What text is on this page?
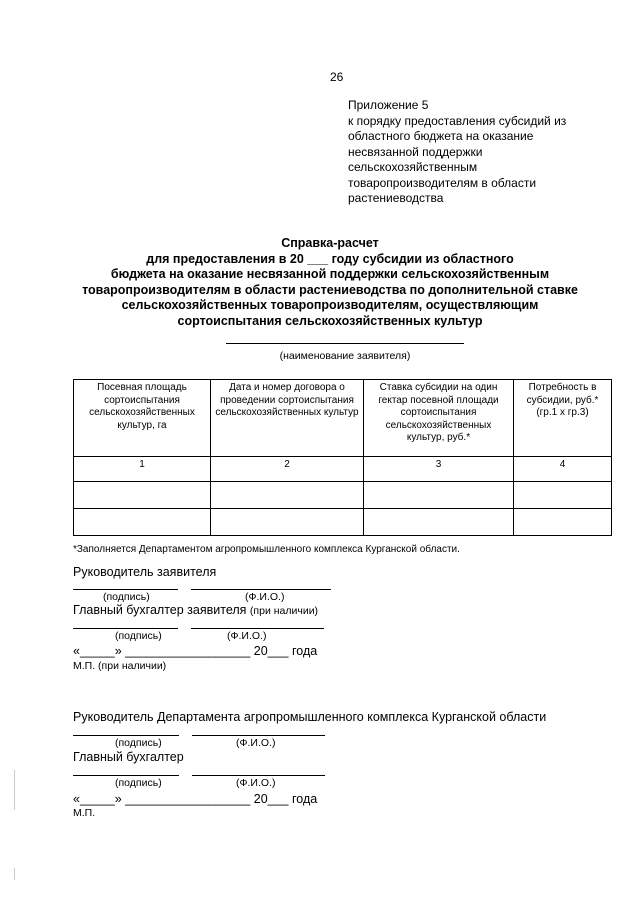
26
Приложение 5
к порядку предоставления субсидий из
областного бюджета на оказание
несвязанной поддержки
сельскохозяйственным
товаропроизводителям в области
растениеводства
Справка-расчет
для предоставления в 20 ___ году субсидии из областного
бюджета на оказание несвязанной поддержки сельскохозяйственным
товаропроизводителям в области растениеводства по дополнительной ставке
сельскохозяйственных товаропроизводителям, осуществляющим
сортоиспытания сельскохозяйственных культур
(наименование заявителя)
Посевная площадь сортоиспытания сельскохозяйственных культур, га	Дата и номер договора о проведении сортоиспытания сельскохозяйственных культур	Ставка субсидии на один гектар посевной площади сортоиспытания сельскохозяйственных культур, руб.*	Потребность в субсидии, руб.* (гр.1 х гр.3)
1	2	3	4

*Заполняется Департаментом агропромышленного комплекса Курганской области.
Руководитель заявителя
(подпись)	(Ф.И.О.)
Главный бухгалтер заявителя (при наличии)
(подпись)	(Ф.И.О.)
«_____» __________________ 20___ года
М.П. (при наличии)
Руководитель Департамента агропромышленного комплекса Курганской области
(подпись)	(Ф.И.О.)
Главный бухгалтер
(подпись)	(Ф.И.О.)
«_____» __________________ 20___ года
М.П.
